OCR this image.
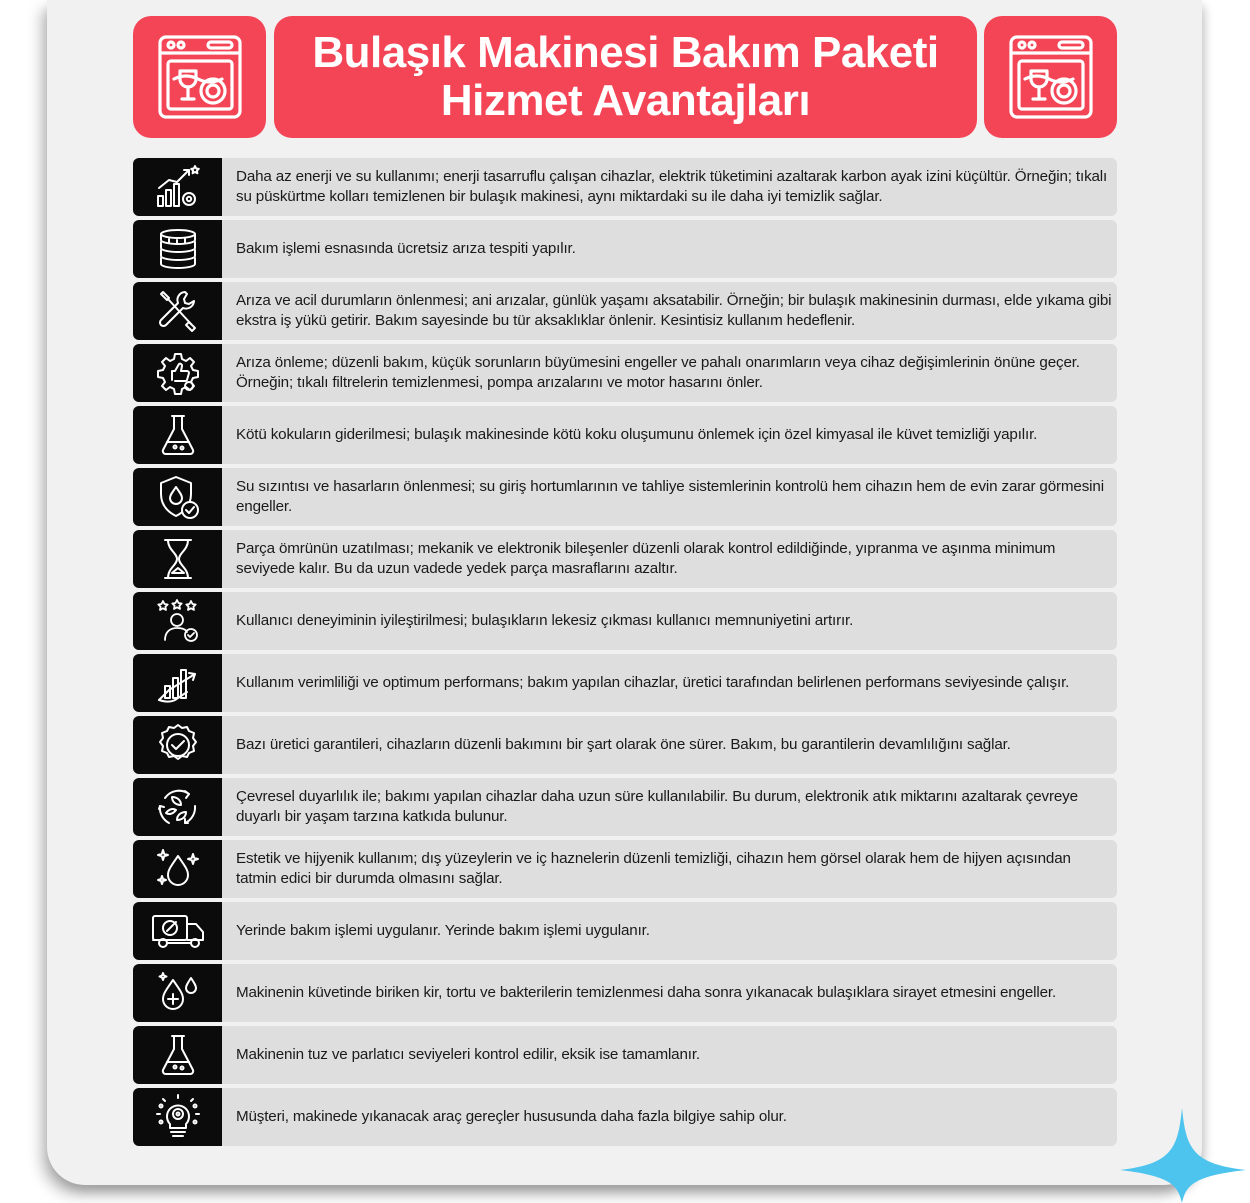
Bulaşık Makinesi Bakım Paketi
Hizmet Avantajları
Daha az enerji ve su kullanımı; enerji tasarruflu çalışan cihazlar, elektrik tüketimini azaltarak karbon ayak izini küçültür. Örneğin; tıkalı su püskürtme kolları temizlenen bir bulaşık makinesi, aynı miktardaki su ile daha iyi temizlik sağlar.
Bakım işlemi esnasında ücretsiz arıza tespiti yapılır.
Arıza ve acil durumların önlenmesi; ani arızalar, günlük yaşamı aksatabilir. Örneğin; bir bulaşık makinesinin durması, elde yıkama gibi ekstra iş yükü getirir. Bakım sayesinde bu tür aksaklıklar önlenir. Kesintisiz kullanım hedeflenir.
Arıza önleme; düzenli bakım, küçük sorunların büyümesini engeller ve pahalı onarımların veya cihaz değişimlerinin önüne geçer. Örneğin; tıkalı filtrelerin temizlenmesi, pompa arızalarını ve motor hasarını önler.
Kötü kokuların giderilmesi; bulaşık makinesinde kötü koku oluşumunu önlemek için özel kimyasal ile küvet temizliği yapılır.
Su sızıntısı ve hasarların önlenmesi; su giriş hortumlarının ve tahliye sistemlerinin kontrolü hem cihazın hem de evin zarar görmesini engeller.
Parça ömrünün uzatılması; mekanik ve elektronik bileşenler düzenli olarak kontrol edildiğinde, yıpranma ve aşınma minimum seviyede kalır. Bu da uzun vadede yedek parça masraflarını azaltır.
Kullanıcı deneyiminin iyileştirilmesi; bulaşıkların lekesiz çıkması kullanıcı memnuniyetini artırır.
Kullanım verimliliği ve optimum performans; bakım yapılan cihazlar, üretici tarafından belirlenen performans seviyesinde çalışır.
Bazı üretici garantileri, cihazların düzenli bakımını bir şart olarak öne sürer. Bakım, bu garantilerin devamlılığını sağlar.
Çevresel duyarlılık ile; bakımı yapılan cihazlar daha uzun süre kullanılabilir. Bu durum, elektronik atık miktarını azaltarak çevreye duyarlı bir yaşam tarzına katkıda bulunur.
Estetik ve hijyenik kullanım; dış yüzeylerin ve iç haznelerin düzenli temizliği, cihazın hem görsel olarak hem de hijyen açısından tatmin edici bir durumda olmasını sağlar.
Yerinde bakım işlemi uygulanır. Yerinde bakım işlemi uygulanır.
Makinenin küvetinde biriken kir, tortu ve bakterilerin temizlenmesi daha sonra yıkanacak bulaşıklara sirayet etmesini engeller.
Makinenin tuz ve parlatıcı seviyeleri kontrol edilir, eksik ise tamamlanır.
Müşteri, makinede yıkanacak araç gereçler hususunda daha fazla bilgiye sahip olur.
